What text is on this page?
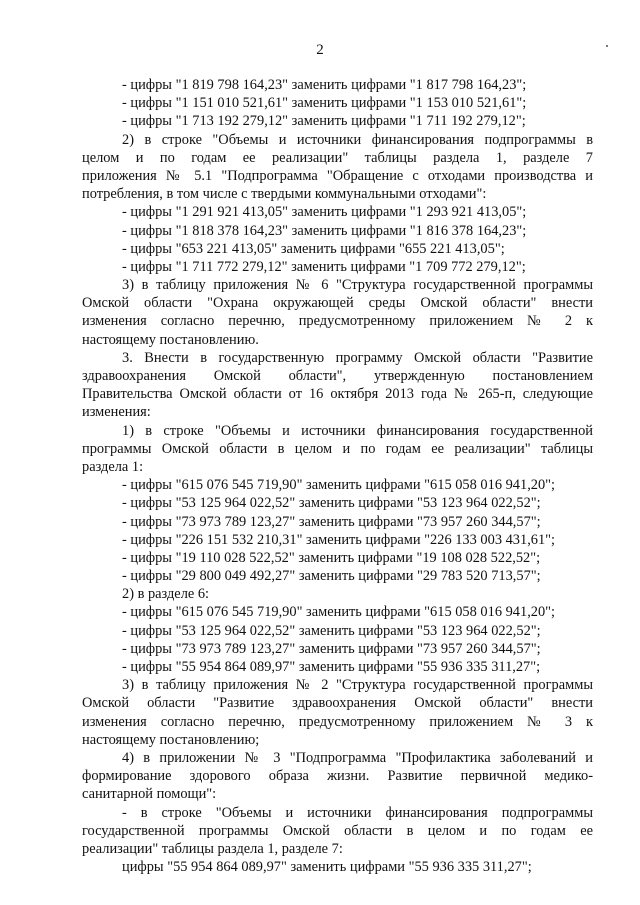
2
- цифры "1 819 798 164,23" заменить цифрами "1 817 798 164,23";
- цифры "1 151 010 521,61" заменить цифрами "1 153 010 521,61";
- цифры "1 713 192 279,12" заменить цифрами "1 711 192 279,12";
2) в строке "Объемы и источники финансирования подпрограммы в
целом и по годам ее реализации" таблицы раздела 1, разделе 7
приложения № 5.1 "Подпрограмма "Обращение с отходами производства и
потребления, в том числе с твердыми коммунальными отходами":
- цифры "1 291 921 413,05" заменить цифрами "1 293 921 413,05";
- цифры "1 818 378 164,23" заменить цифрами "1 816 378 164,23";
- цифры "653 221 413,05" заменить цифрами "655 221 413,05";
- цифры "1 711 772 279,12" заменить цифрами "1 709 772 279,12";
3) в таблицу приложения № 6 "Структура государственной программы
Омской области "Охрана окружающей среды Омской области" внести
изменения согласно перечню, предусмотренному приложением № 2 к
настоящему постановлению.
3. Внести в государственную программу Омской области "Развитие
здравоохранения Омской области", утвержденную постановлением
Правительства Омской области от 16 октября 2013 года № 265-п, следующие
изменения:
1) в строке "Объемы и источники финансирования государственной
программы Омской области в целом и по годам ее реализации" таблицы
раздела 1:
- цифры "615 076 545 719,90" заменить цифрами "615 058 016 941,20";
- цифры "53 125 964 022,52" заменить цифрами "53 123 964 022,52";
- цифры "73 973 789 123,27" заменить цифрами "73 957 260 344,57";
- цифры "226 151 532 210,31" заменить цифрами "226 133 003 431,61";
- цифры "19 110 028 522,52" заменить цифрами "19 108 028 522,52";
- цифры "29 800 049 492,27" заменить цифрами "29 783 520 713,57";
2) в разделе 6:
- цифры "615 076 545 719,90" заменить цифрами "615 058 016 941,20";
- цифры "53 125 964 022,52" заменить цифрами "53 123 964 022,52";
- цифры "73 973 789 123,27" заменить цифрами "73 957 260 344,57";
- цифры "55 954 864 089,97" заменить цифрами "55 936 335 311,27";
3) в таблицу приложения № 2 "Структура государственной программы
Омской области "Развитие здравоохранения Омской области" внести
изменения согласно перечню, предусмотренному приложением № 3 к
настоящему постановлению;
4) в приложении № 3 "Подпрограмма "Профилактика заболеваний и
формирование здорового образа жизни. Развитие первичной медико-
санитарной помощи":
- в строке "Объемы и источники финансирования подпрограммы
государственной программы Омской области в целом и по годам ее
реализации" таблицы раздела 1, разделе 7:
цифры "55 954 864 089,97" заменить цифрами "55 936 335 311,27";
